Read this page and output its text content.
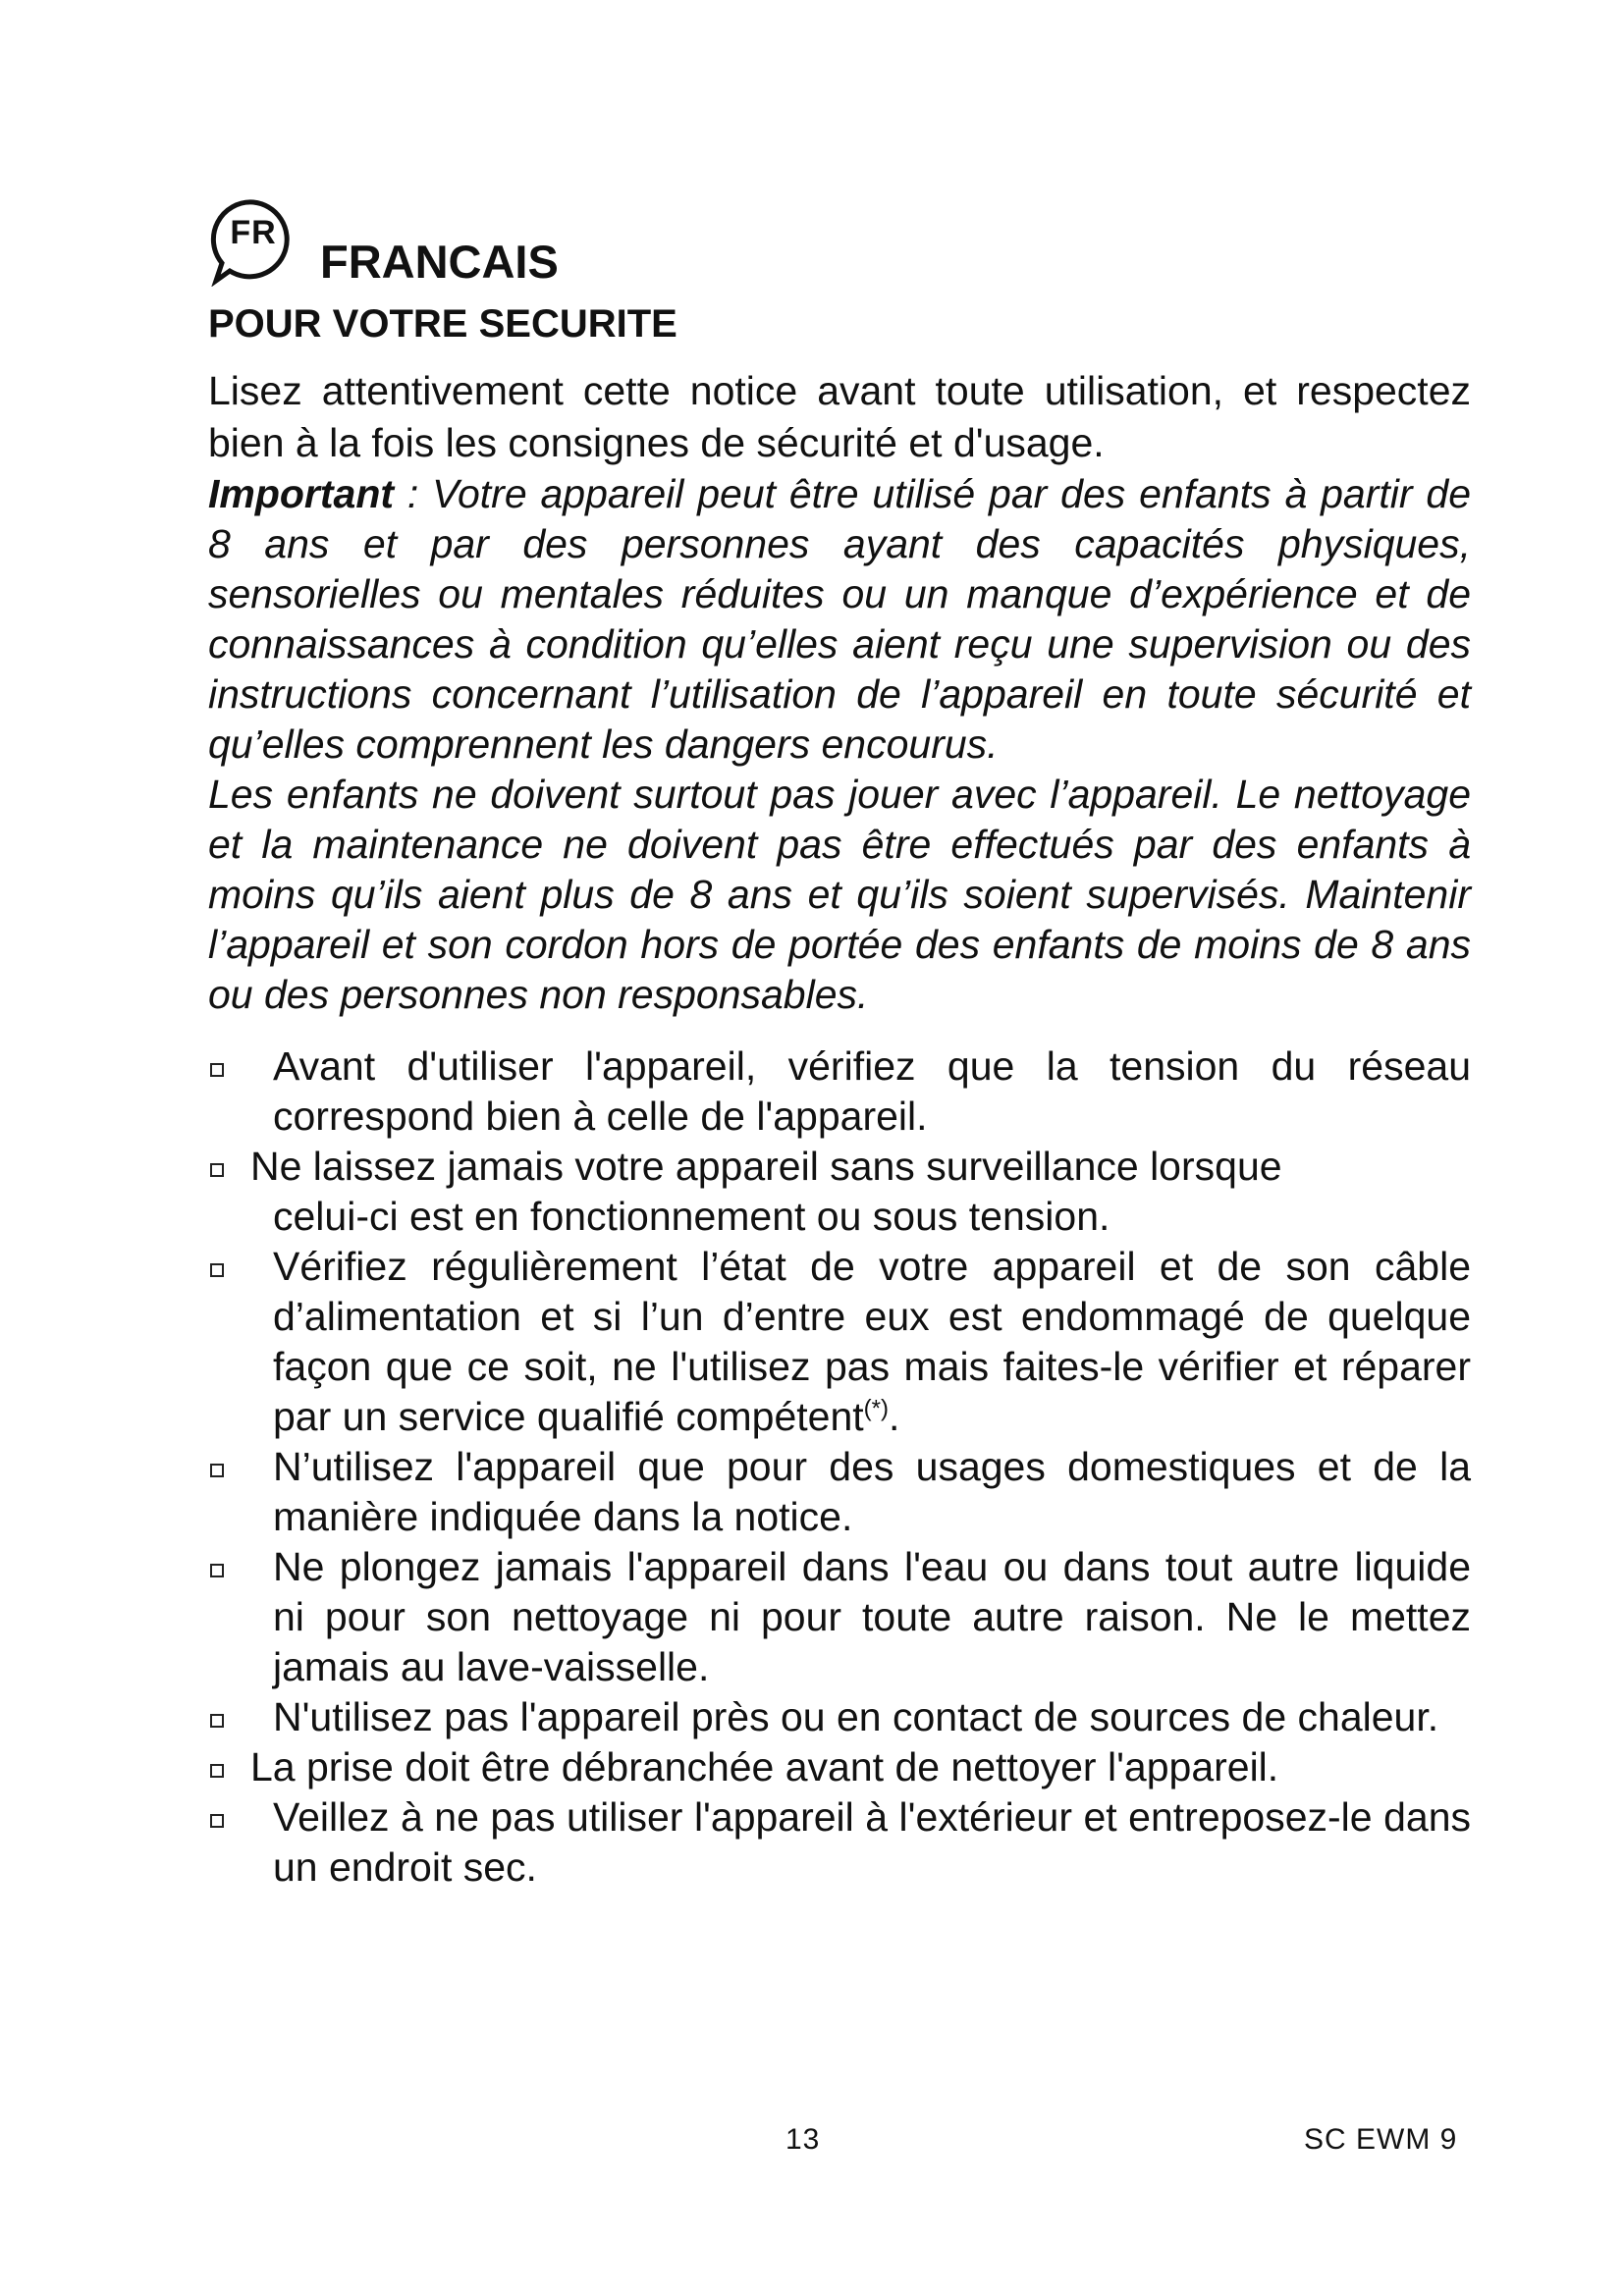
FR
FRANCAIS
POUR VOTRE SECURITE

Lisez attentivement cette notice avant toute utilisation, et respectez bien à la fois les consignes de sécurité et d'usage.

Important : Votre appareil peut être utilisé par des enfants à partir de 8 ans et par des personnes ayant des capacités physiques, sensorielles ou mentales réduites ou un manque d’expérience et de connaissances à condition qu’elles aient reçu une supervision ou des instructions concernant l’utilisation de l’appareil en toute sécurité et qu’elles comprennent les dangers encourus.

Les enfants ne doivent surtout pas jouer avec l’appareil. Le nettoyage et la maintenance ne doivent pas être effectués par des enfants à moins qu’ils aient plus de 8 ans et qu’ils soient supervisés. Maintenir l’appareil et son cordon hors de portée des enfants de moins de 8 ans ou des personnes non responsables.

Avant d'utiliser l'appareil, vérifiez que la tension du réseau correspond bien à celle de l'appareil.
Ne laissez jamais votre appareil sans surveillance lorsque
celui-ci est en fonctionnement ou sous tension.
Vérifiez régulièrement l’état de votre appareil et de son câble d’alimentation et si l’un d’entre eux est endommagé de quelque façon que ce soit, ne l'utilisez pas mais faites-le vérifier et réparer par un service qualifié compétent(*).
N’utilisez l'appareil que pour des usages domestiques et de la manière indiquée dans la notice.
Ne plongez jamais l'appareil dans l'eau ou dans tout autre liquide ni pour son nettoyage ni pour toute autre raison. Ne le mettez jamais au lave-vaisselle.
N'utilisez pas l'appareil près ou en contact de sources de chaleur.
La prise doit être débranchée avant de nettoyer l'appareil.
Veillez à ne pas utiliser l'appareil à l'extérieur et entreposez-le dans un endroit sec.
13	SC EWM 9
